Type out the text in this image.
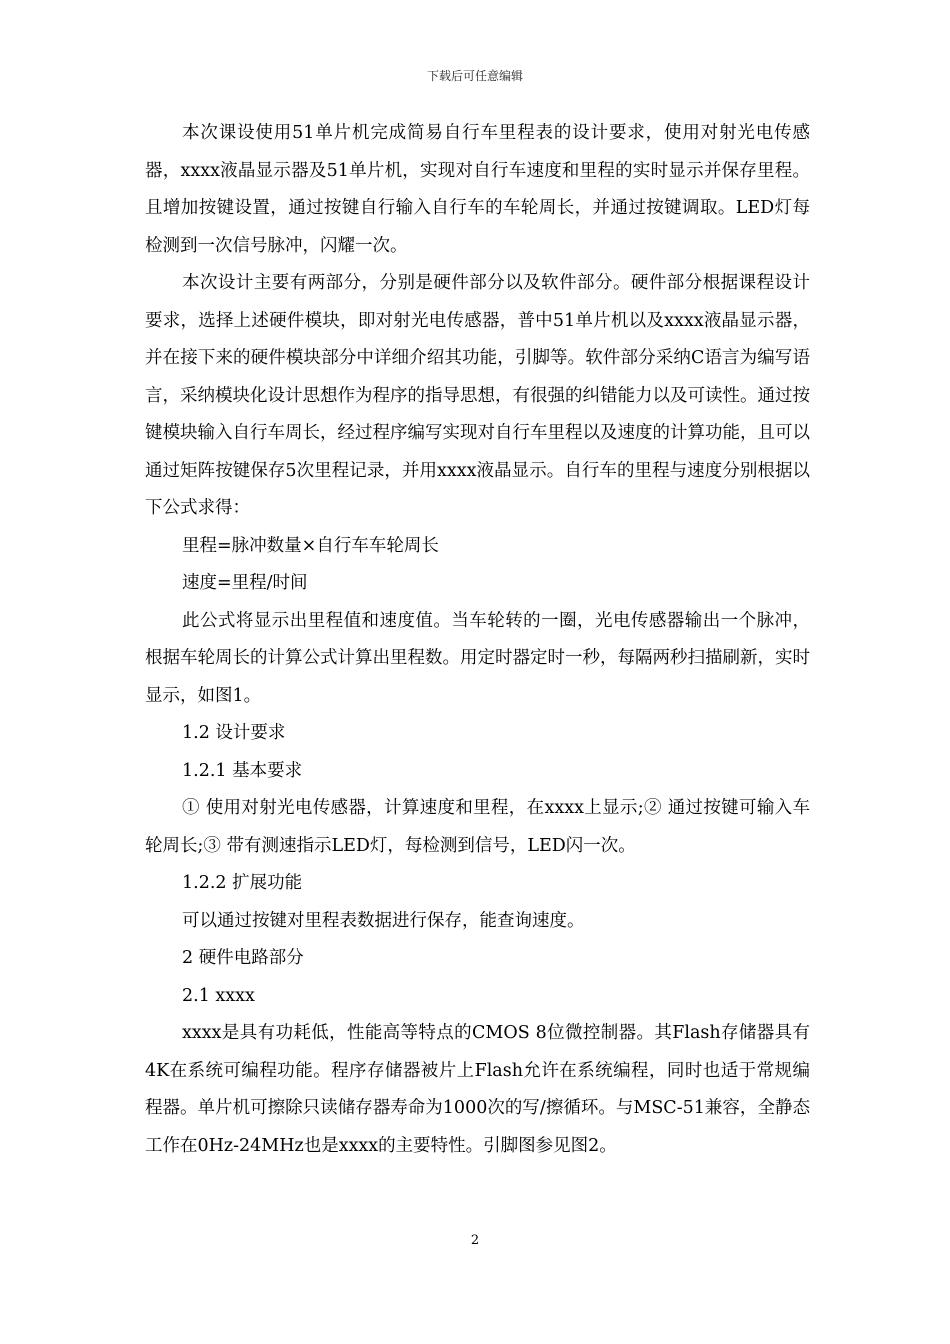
下载后可任意编辑

本次课设使用51单片机完成简易自行车里程表的设计要求，使用对射光电传感器，xxxx液晶显示器及51单片机，实现对自行车速度和里程的实时显示并保存里程。且增加按键设置，通过按键自行输入自行车的车轮周长，并通过按键调取。LED灯每检测到一次信号脉冲，闪耀一次。

本次设计主要有两部分，分别是硬件部分以及软件部分。硬件部分根据课程设计要求，选择上述硬件模块，即对射光电传感器，普中51单片机以及xxxx液晶显示器，并在接下来的硬件模块部分中详细介绍其功能，引脚等。软件部分采纳C语言为编写语言，采纳模块化设计思想作为程序的指导思想，有很强的纠错能力以及可读性。通过按键模块输入自行车周长，经过程序编写实现对自行车里程以及速度的计算功能，且可以通过矩阵按键保存5次里程记录，并用xxxx液晶显示。自行车的里程与速度分别根据以下公式求得：

里程=脉冲数量×自行车车轮周长

速度=里程/时间

此公式将显示出里程值和速度值。当车轮转的一圈，光电传感器输出一个脉冲，根据车轮周长的计算公式计算出里程数。用定时器定时一秒，每隔两秒扫描刷新，实时显示，如图1。

1.2 设计要求

1.2.1 基本要求

① 使用对射光电传感器，计算速度和里程，在xxxx上显示;② 通过按键可输入车轮周长;③ 带有测速指示LED灯，每检测到信号，LED闪一次。

1.2.2 扩展功能

可以通过按键对里程表数据进行保存，能查询速度。

2 硬件电路部分

2.1 xxxx

xxxx是具有功耗低，性能高等特点的CMOS 8位微控制器。其Flash存储器具有4K在系统可编程功能。程序存储器被片上Flash允许在系统编程，同时也适于常规编程器。单片机可擦除只读储存器寿命为1000次的写/擦循环。与MSC-51兼容，全静态工作在0Hz-24MHz也是xxxx的主要特性。引脚图参见图2。

2
